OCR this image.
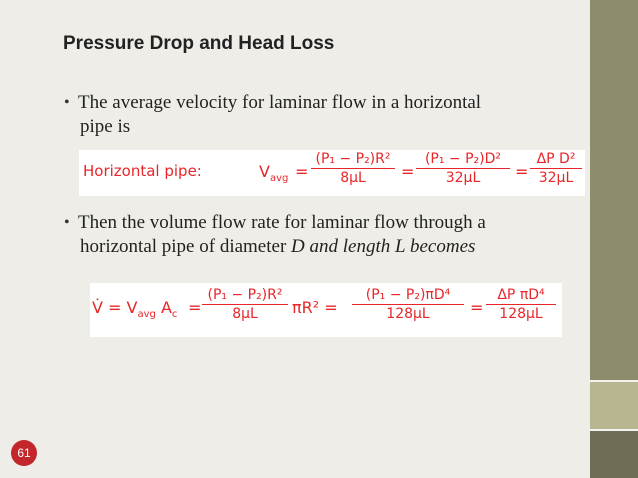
Pressure Drop and Head Loss
• The average velocity for laminar flow in a horizontal
pipe is
Horizontal pipe:	$V_{avg} = \frac{\text{(P₁ − P₂)R²}}{8\mu L} = \frac{\text{(P₁ − P₂)D²}}{32\mu L} = \frac{\text{ΔP D²}}{32\mu L}$
• Then the volume flow rate for laminar flow through a
horizontal pipe of diameter D and length L becomes
V̇ = $V_{avg}$ $A_c = \frac{\text{(P₁ − P₂)R²}}{8\mu L} \pi R^2 = \frac{\text{(P₁ − P₂)πD⁴}}{128\mu L} = \frac{\text{ΔP πD⁴}}{128\mu L}$
61
